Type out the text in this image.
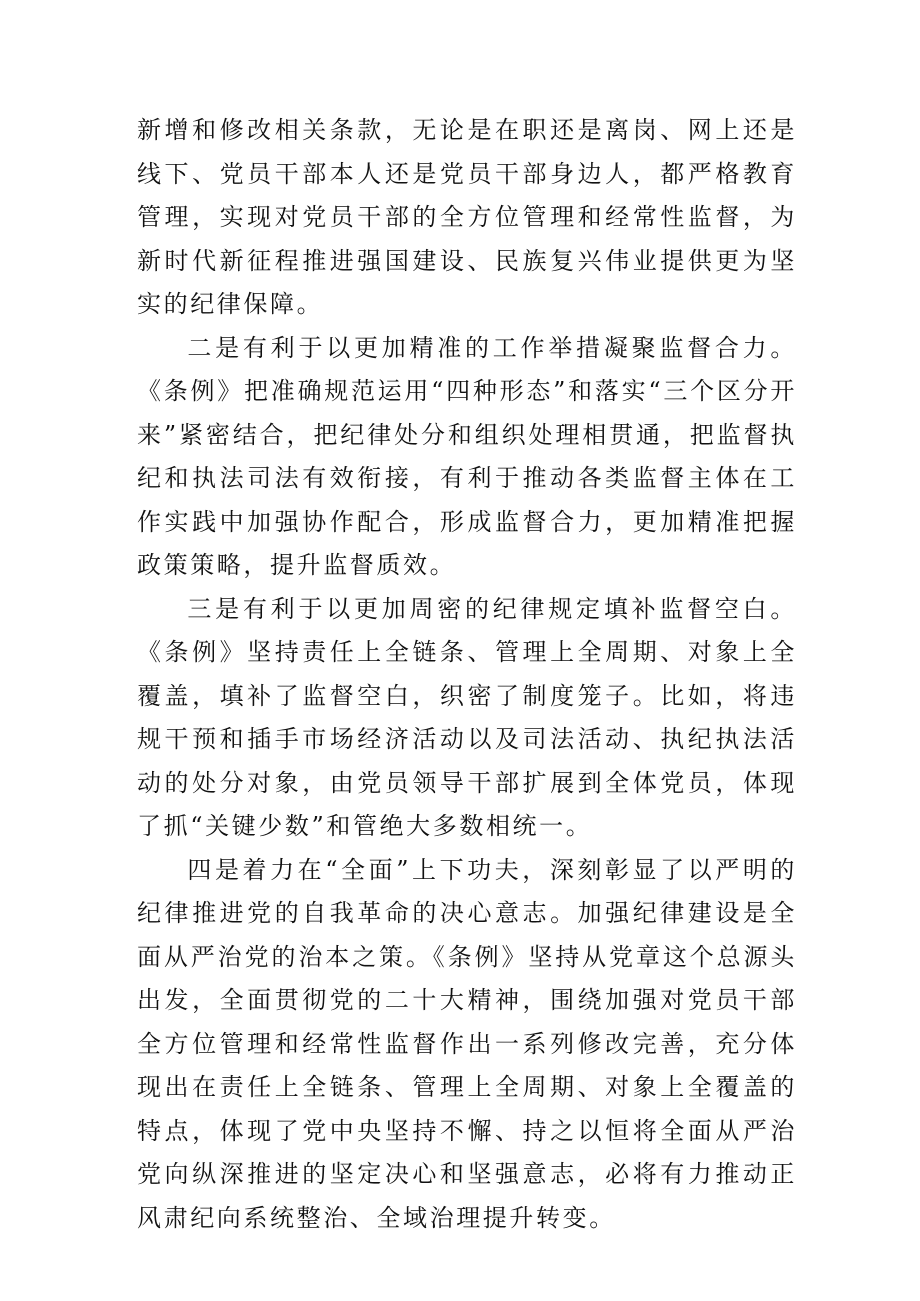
新增和修改相关条款，无论是在职还是离岗、网上还是线下、党员干部本人还是党员干部身边人，都严格教育管理，实现对党员干部的全方位管理和经常性监督，为新时代新征程推进强国建设、民族复兴伟业提供更为坚实的纪律保障。

二是有利于以更加精准的工作举措凝聚监督合力。《条例》把准确规范运用“四种形态”和落实“三个区分开来”紧密结合，把纪律处分和组织处理相贯通，把监督执纪和执法司法有效衔接，有利于推动各类监督主体在工作实践中加强协作配合，形成监督合力，更加精准把握政策策略，提升监督质效。

三是有利于以更加周密的纪律规定填补监督空白。《条例》坚持责任上全链条、管理上全周期、对象上全覆盖，填补了监督空白，织密了制度笼子。比如，将违规干预和插手市场经济活动以及司法活动、执纪执法活动的处分对象，由党员领导干部扩展到全体党员，体现了抓“关键少数”和管绝大多数相统一。

四是着力在“全面”上下功夫，深刻彰显了以严明的纪律推进党的自我革命的决心意志。加强纪律建设是全面从严治党的治本之策。《条例》坚持从党章这个总源头出发，全面贯彻党的二十大精神，围绕加强对党员干部全方位管理和经常性监督作出一系列修改完善，充分体现出在责任上全链条、管理上全周期、对象上全覆盖的特点，体现了党中央坚持不懈、持之以恒将全面从严治党向纵深推进的坚定决心和坚强意志，必将有力推动正风肃纪向系统整治、全域治理提升转变。
